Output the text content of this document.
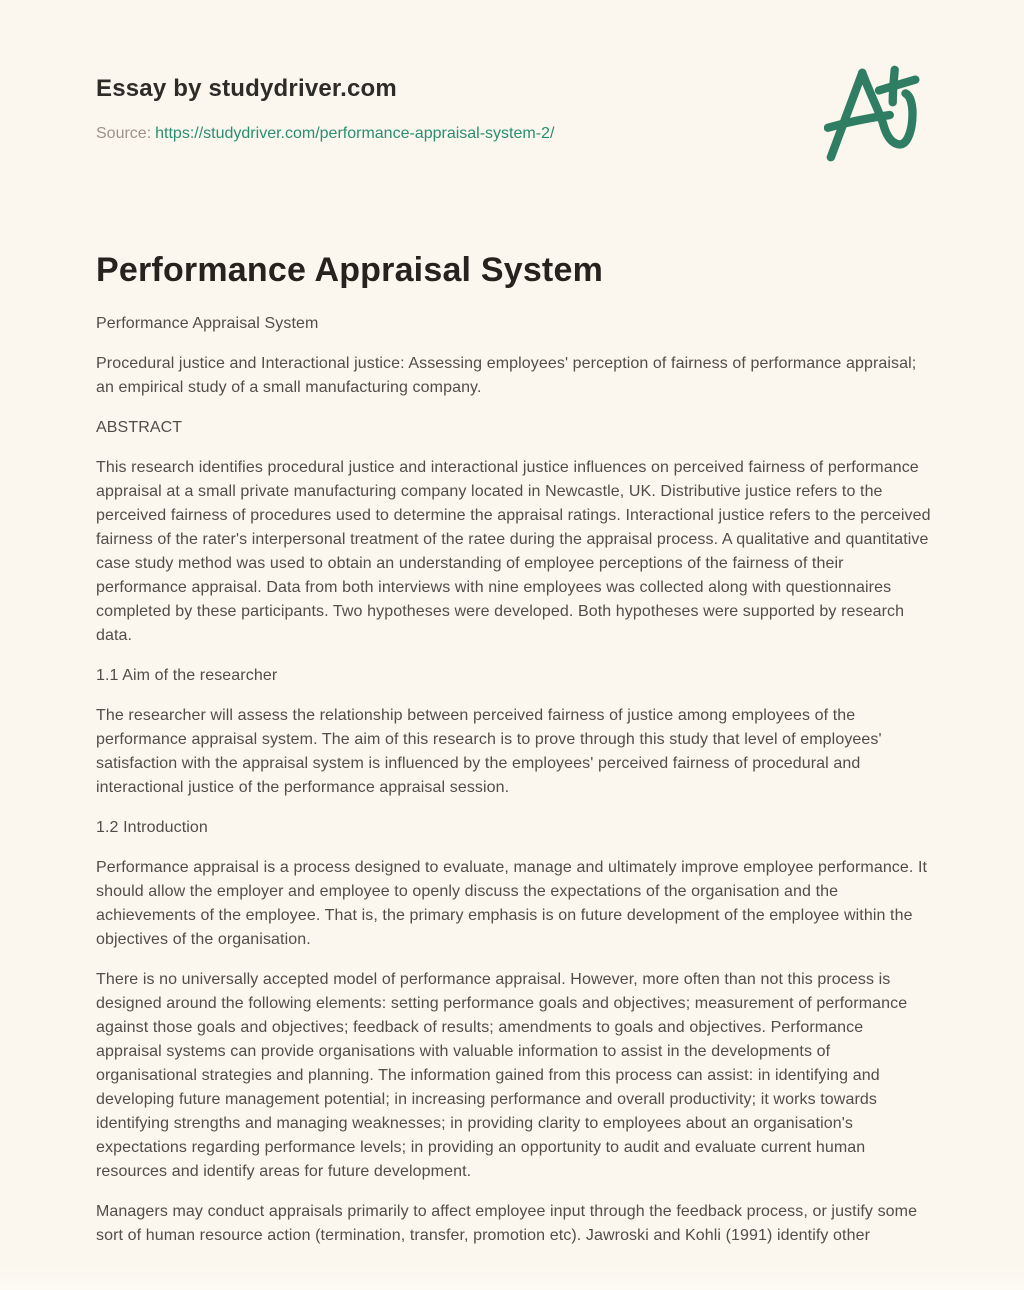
Essay by studydriver.com

Source: https://studydriver.com/performance-appraisal-system-2/

Performance Appraisal System

Performance Appraisal System

Procedural justice and Interactional justice: Assessing employees' perception of fairness of performance appraisal; an empirical study of a small manufacturing company.

ABSTRACT

This research identifies procedural justice and interactional justice influences on perceived fairness of performance appraisal at a small private manufacturing company located in Newcastle, UK. Distributive justice refers to the perceived fairness of procedures used to determine the appraisal ratings. Interactional justice refers to the perceived fairness of the rater's interpersonal treatment of the ratee during the appraisal process. A qualitative and quantitative case study method was used to obtain an understanding of employee perceptions of the fairness of their performance appraisal. Data from both interviews with nine employees was collected along with questionnaires completed by these participants. Two hypotheses were developed. Both hypotheses were supported by research data.

1.1 Aim of the researcher

The researcher will assess the relationship between perceived fairness of justice among employees of the performance appraisal system. The aim of this research is to prove through this study that level of employees' satisfaction with the appraisal system is influenced by the employees' perceived fairness of procedural and interactional justice of the performance appraisal session.

1.2 Introduction

Performance appraisal is a process designed to evaluate, manage and ultimately improve employee performance. It should allow the employer and employee to openly discuss the expectations of the organisation and the achievements of the employee. That is, the primary emphasis is on future development of the employee within the objectives of the organisation.

There is no universally accepted model of performance appraisal. However, more often than not this process is designed around the following elements: setting performance goals and objectives; measurement of performance against those goals and objectives; feedback of results; amendments to goals and objectives. Performance appraisal systems can provide organisations with valuable information to assist in the developments of organisational strategies and planning. The information gained from this process can assist: in identifying and developing future management potential; in increasing performance and overall productivity; it works towards identifying strengths and managing weaknesses; in providing clarity to employees about an organisation's expectations regarding performance levels; in providing an opportunity to audit and evaluate current human resources and identify areas for future development.

Managers may conduct appraisals primarily to affect employee input through the feedback process, or justify some sort of human resource action (termination, transfer, promotion etc). Jawroski and Kohli (1991) identify other
